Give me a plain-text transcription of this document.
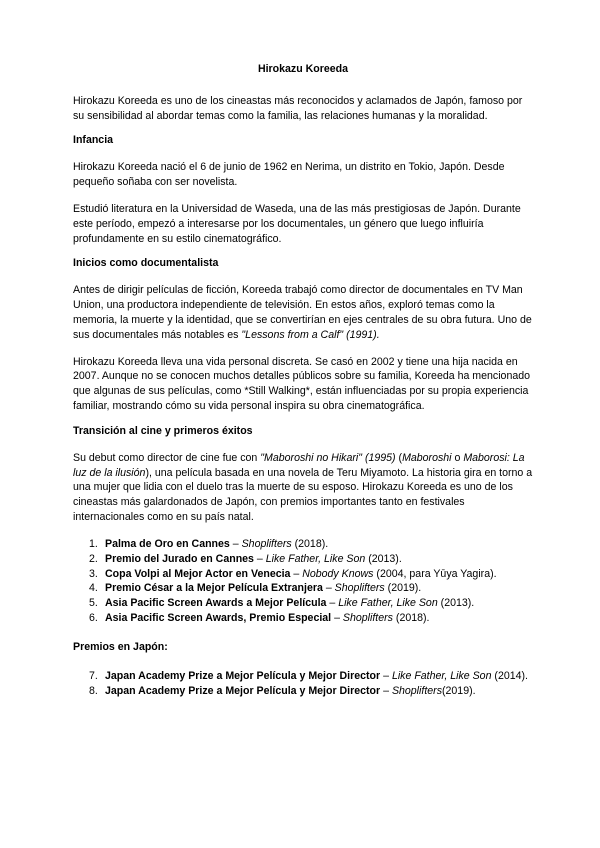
Hirokazu Koreeda

Hirokazu Koreeda es uno de los cineastas más reconocidos y aclamados de Japón, famoso por su sensibilidad al abordar temas como la familia, las relaciones humanas y la moralidad.

Infancia

Hirokazu Koreeda nació el 6 de junio de 1962 en Nerima, un distrito en Tokio, Japón. Desde pequeño soñaba con ser novelista.

Estudió literatura en la Universidad de Waseda, una de las más prestigiosas de Japón. Durante este período, empezó a interesarse por los documentales, un género que luego influiría profundamente en su estilo cinematográfico.

Inicios como documentalista

Antes de dirigir películas de ficción, Koreeda trabajó como director de documentales en TV Man Union, una productora independiente de televisión. En estos años, exploró temas como la memoria, la muerte y la identidad, que se convertirían en ejes centrales de su obra futura. Uno de sus documentales más notables es "Lessons from a Calf" (1991).

Hirokazu Koreeda lleva una vida personal discreta. Se casó en 2002 y tiene una hija nacida en 2007. Aunque no se conocen muchos detalles públicos sobre su familia, Koreeda ha mencionado que algunas de sus películas, como *Still Walking*, están influenciadas por su propia experiencia familiar, mostrando cómo su vida personal inspira su obra cinematográfica.

Transición al cine y primeros éxitos

Su debut como director de cine fue con "Maboroshi no Hikari" (1995) (Maboroshi o Maborosi: La luz de la ilusión), una película basada en una novela de Teru Miyamoto. La historia gira en torno a una mujer que lidia con el duelo tras la muerte de su esposo. Hirokazu Koreeda es uno de los cineastas más galardonados de Japón, con premios importantes tanto en festivales internacionales como en su país natal.

1. Palma de Oro en Cannes – Shoplifters (2018).
2. Premio del Jurado en Cannes – Like Father, Like Son (2013).
3. Copa Volpi al Mejor Actor en Venecia – Nobody Knows (2004, para Yūya Yagira).
4. Premio César a la Mejor Película Extranjera – Shoplifters (2019).
5. Asia Pacific Screen Awards a Mejor Película – Like Father, Like Son (2013).
6. Asia Pacific Screen Awards, Premio Especial – Shoplifters (2018).
Premios en Japón:
7. Japan Academy Prize a Mejor Película y Mejor Director – Like Father, Like Son (2014).
8. Japan Academy Prize a Mejor Película y Mejor Director – Shoplifters(2019).
